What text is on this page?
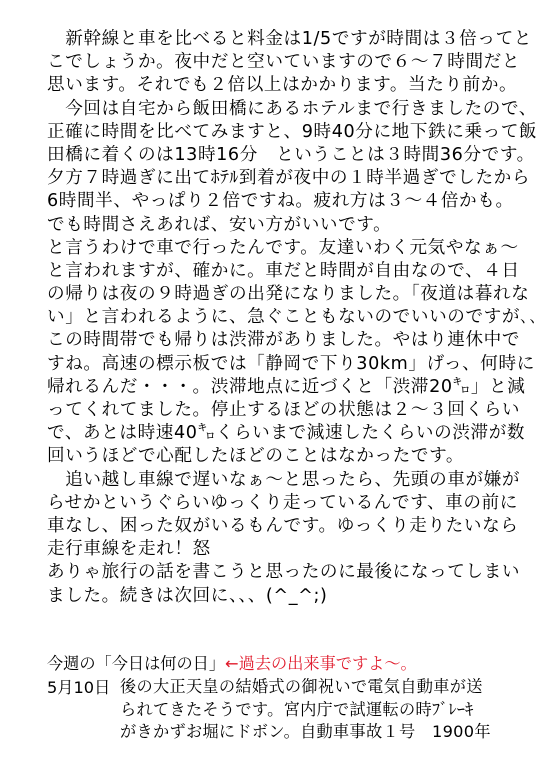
　新幹線と車を比べると料金は1/5ですが時間は３倍ってと
こでしょうか。夜中だと空いていますので６～７時間だと
思います。それでも２倍以上はかかります。当たり前か。
　今回は自宅から飯田橋にあるホテルまで行きましたので、
正確に時間を比べてみますと、9時40分に地下鉄に乗って飯
田橋に着くのは13時16分　ということは３時間36分です。
夕方７時過ぎに出てﾎﾃﾙ到着が夜中の１時半過ぎでしたから
6時間半、やっぱり２倍ですね。疲れ方は３～４倍かも。
でも時間さえあれば、安い方がいいです。
と言うわけで車で行ったんです。友達いわく元気やなぁ～
と言われますが、確かに。車だと時間が自由なので、４日
の帰りは夜の９時過ぎの出発になりました。「夜道は暮れな
い」と言われるように、急ぐこともないのでいいのですが､､
この時間帯でも帰りは渋滞がありました。やはり連休中で
すね。高速の標示板では「静岡で下り30km」げっ、何時に
帰れるんだ・・・。渋滞地点に近づくと「渋滞20㌔」と減
ってくれてました。停止するほどの状態は２～３回くらい
で、あとは時速40㌔くらいまで減速したくらいの渋滞が数
回いうほどで心配したほどのことはなかったです。
　追い越し車線で遅いなぁ～と思ったら、先頭の車が嫌が
らせかというぐらいゆっくり走っているんです、車の前に
車なし、困った奴がいるもんです。ゆっくり走りたいなら
走行車線を走れ！怒
ありゃ旅行の話を書こうと思ったのに最後になってしまい
ました。続きは次回に、、、(^_^;)
今週の「今日は何の日」←過去の出来事ですよ～。
5月10日 後の大正天皇の結婚式の御祝いで電気自動車が送
られてきたそうです。宮内庁で試運転の時ﾌﾞﾚｰｷ
がきかずお堀にドボン。自動車事故１号　1900年
